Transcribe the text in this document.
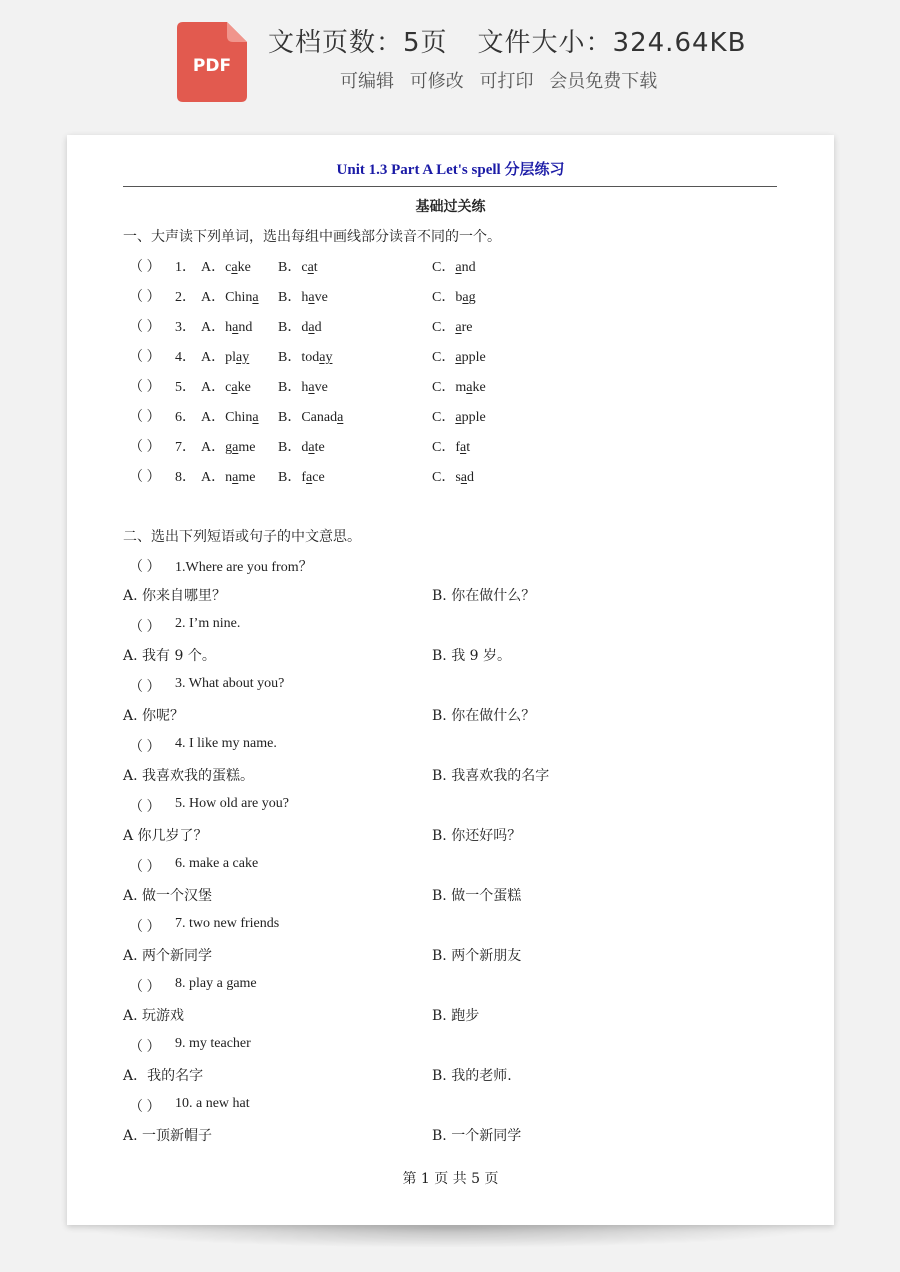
PDF
文档页数：5页 文件大小：324.64KB
可编辑 可修改 可打印 会员免费下载
Unit 1.3 Part A Let's spell 分层练习
基础过关练
一、大声读下列单词，选出每组中画线部分读音不同的一个。
（ ） 1． A．cake B．cat	C．and
（ ） 2． A．China B．have	C．bag
（ ） 3． A．hand B．dad	C．are
（ ） 4． A．play B．today	C．apple
（ ） 5． A．cake B．have	C．make
（ ） 6． A．China B．Canada	C．apple
（ ） 7． A．game B．date	C．fat
（ ） 8． A．name B．face	C．sad
二、选出下列短语或句子的中文意思。
（ ） 1.Where are you from？
A. 你来自哪里？	B. 你在做什么？
（ ） 2. I’m nine.
A. 我有 9 个。	B. 我 9 岁。
（ ） 3. What about you?
A. 你呢？	B. 你在做什么？
（ ） 4. I like my name.
A. 我喜欢我的蛋糕。	B. 我喜欢我的名字
（ ） 5. How old are you?
A 你几岁了？	B. 你还好吗？
（ ） 6. make a cake
A. 做一个汉堡	B. 做一个蛋糕
（ ） 7. two new friends
A. 两个新同学	B. 两个新朋友
（ ） 8. play a game
A. 玩游戏	B. 跑步
（ ） 9. my teacher
A．我的名字	B. 我的老师.
（ ） 10. a new hat
A. 一顶新帽子	B. 一个新同学
第 1 页 共 5 页
